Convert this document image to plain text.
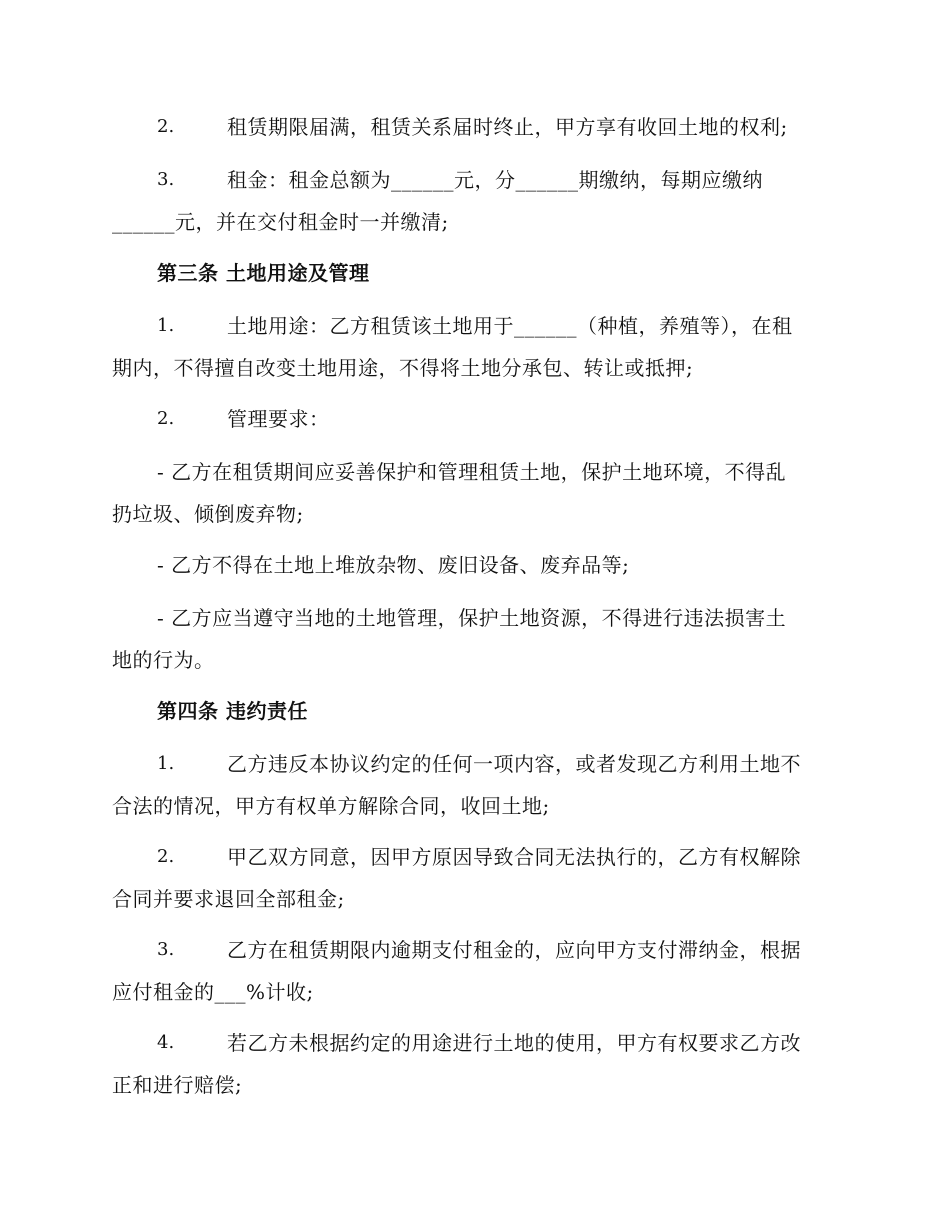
2.	租赁期限届满，租赁关系届时终止，甲方享有收回土地的权利;
3.	租金：租金总额为______元，分______期缴纳，每期应缴纳
______元，并在交付租金时一并缴清;
第三条 土地用途及管理
1.	土地用途：乙方租赁该土地用于______（种植，养殖等），在租
期内，不得擅自改变土地用途，不得将土地分承包、转让或抵押;
2.	管理要求：
- 乙方在租赁期间应妥善保护和管理租赁土地，保护土地环境，不得乱
扔垃圾、倾倒废弃物;
- 乙方不得在土地上堆放杂物、废旧设备、废弃品等;
- 乙方应当遵守当地的土地管理，保护土地资源，不得进行违法损害土
地的行为。
第四条 违约责任
1.	乙方违反本协议约定的任何一项内容，或者发现乙方利用土地不
合法的情况，甲方有权单方解除合同，收回土地;
2.	甲乙双方同意，因甲方原因导致合同无法执行的，乙方有权解除
合同并要求退回全部租金;
3.	乙方在租赁期限内逾期支付租金的，应向甲方支付滞纳金，根据
应付租金的___%计收;
4.	若乙方未根据约定的用途进行土地的使用，甲方有权要求乙方改
正和进行赔偿;
